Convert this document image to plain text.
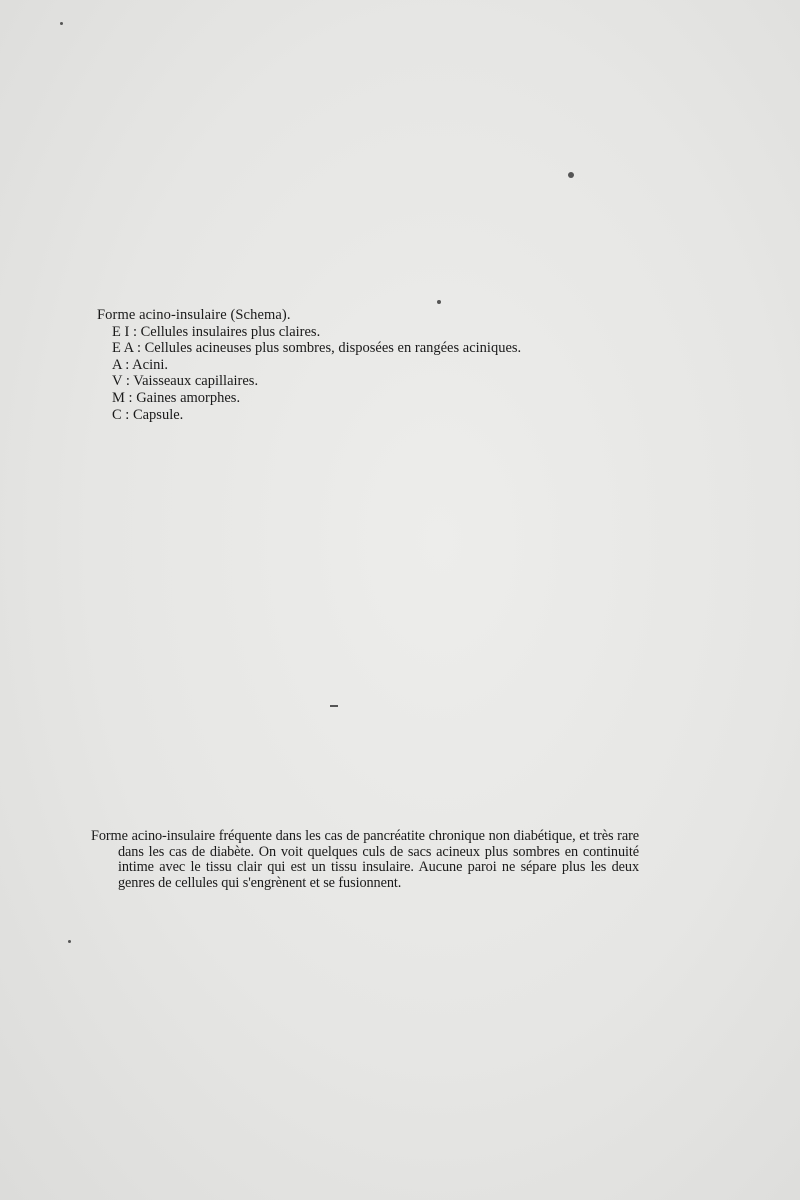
Forme acino-insulaire (Schema).

E I : Cellules insulaires plus claires.
E A : Cellules acineuses plus sombres, disposées en rangées aciniques.
A : Acini.
V : Vaisseaux capillaires.
M : Gaines amorphes.
C : Capsule.

Forme acino-insulaire fréquente dans les cas de pancréatite chronique non diabétique, et très rare dans les cas de diabète. On voit quelques culs de sacs acineux plus sombres en continuité intime avec le tissu clair qui est un tissu insulaire. Aucune paroi ne sépare plus les deux genres de cellules qui s'engrènent et se fusionnent.
